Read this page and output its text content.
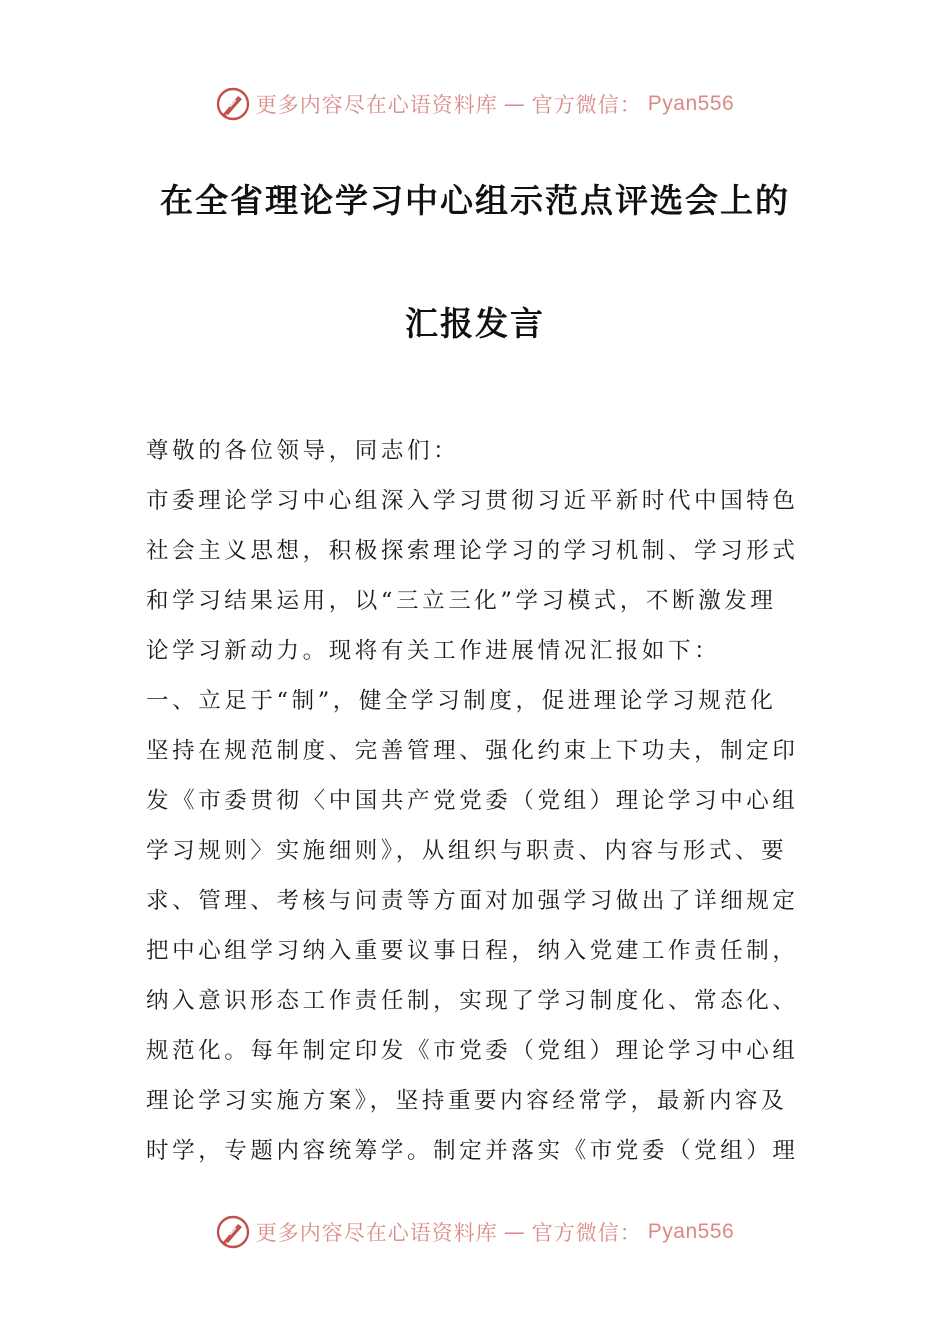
更多内容尽在心语资料库 — 官方微信： Pyan556
在全省理论学习中心组示范点评选会上的
汇报发言
尊敬的各位领导，同志们：
市委理论学习中心组深入学习贯彻习近平新时代中国特色
社会主义思想，积极探索理论学习的学习机制、学习形式
和学习结果运用，以“三立三化”学习模式，不断激发理
论学习新动力。现将有关工作进展情况汇报如下：
一、立足于“制”，健全学习制度，促进理论学习规范化
坚持在规范制度、完善管理、强化约束上下功夫，制定印
发《市委贯彻〈中国共产党党委（党组）理论学习中心组
学习规则〉实施细则》，从组织与职责、内容与形式、要
求、管理、考核与问责等方面对加强学习做出了详细规定
把中心组学习纳入重要议事日程，纳入党建工作责任制，
纳入意识形态工作责任制，实现了学习制度化、常态化、
规范化。每年制定印发《市党委（党组）理论学习中心组
理论学习实施方案》，坚持重要内容经常学，最新内容及
时学，专题内容统筹学。制定并落实《市党委（党组）理
更多内容尽在心语资料库 — 官方微信： Pyan556
